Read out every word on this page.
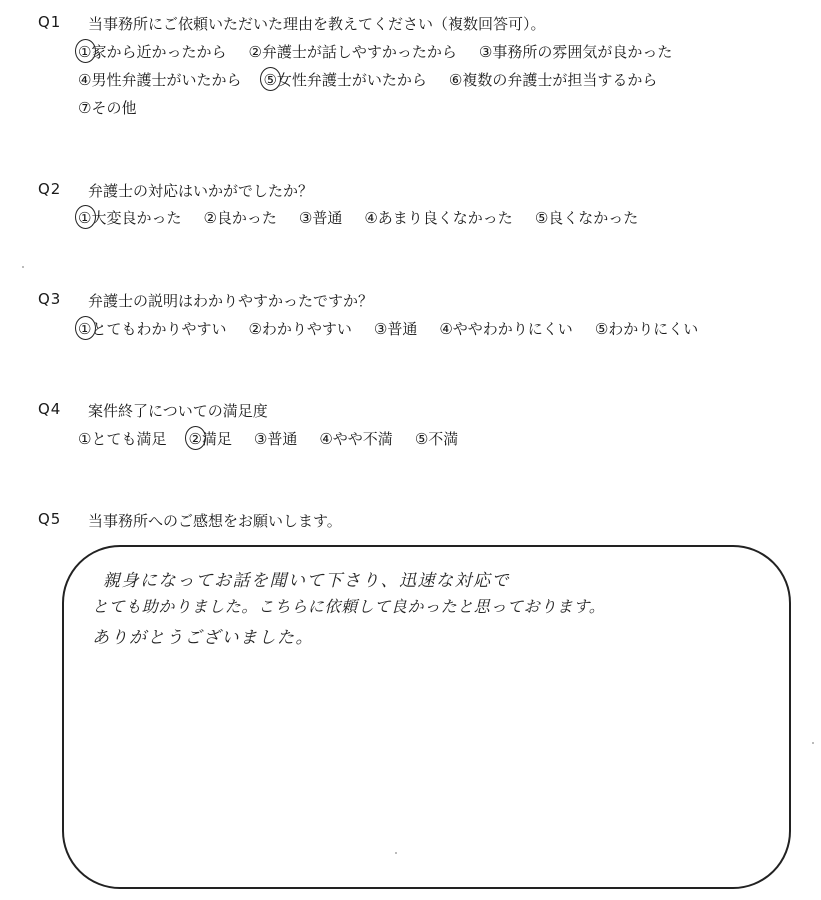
Q1 当事務所にご依頼いただいた理由を教えてください（複数回答可）。
①家から近かったから ②弁護士が話しやすかったから ③事務所の雰囲気が良かった
④男性弁護士がいたから ⑤女性弁護士がいたから ⑥複数の弁護士が担当するから
⑦その他
Q2 弁護士の対応はいかがでしたか？
①大変良かった ②良かった ③普通 ④あまり良くなかった ⑤良くなかった
Q3 弁護士の説明はわかりやすかったですか？
①とてもわかりやすい ②わかりやすい ③普通 ④ややわかりにくい ⑤わかりにくい
Q4 案件終了についての満足度
①とても満足 ②満足 ③普通 ④やや不満 ⑤不満
Q5 当事務所へのご感想をお願いします。
親身になってお話を聞いて下さり、迅速な対応で
とても助かりました。こちらに依頼して良かったと思っております。
ありがとうございました。
